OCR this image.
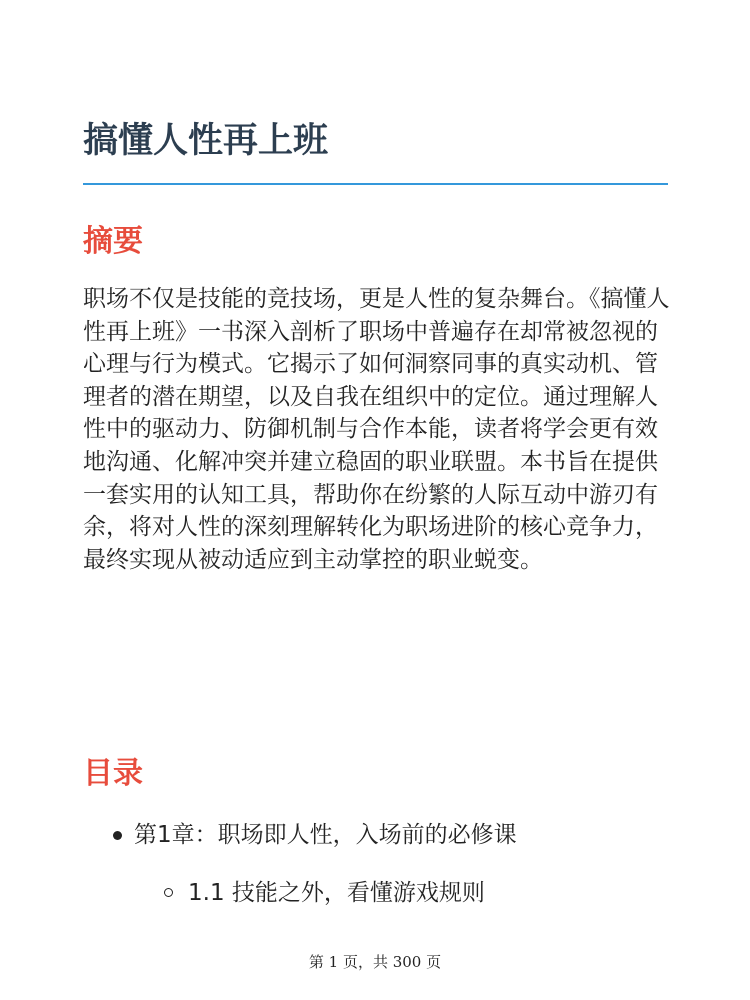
搞懂人性再上班
摘要

职场不仅是技能的竞技场，更是人性的复杂舞台。《搞懂人性再上班》一书深入剖析了职场中普遍存在却常被忽视的心理与行为模式。它揭示了如何洞察同事的真实动机、管理者的潜在期望，以及自我在组织中的定位。通过理解人性中的驱动力、防御机制与合作本能，读者将学会更有效地沟通、化解冲突并建立稳固的职业联盟。本书旨在提供一套实用的认知工具，帮助你在纷繁的人际互动中游刃有余，将对人性的深刻理解转化为职场进阶的核心竞争力，最终实现从被动适应到主动掌控的职业蜕变。

目录
第1章：职场即人性，入场前的必修课
1.1 技能之外，看懂游戏规则
第 1 页，共 300 页
